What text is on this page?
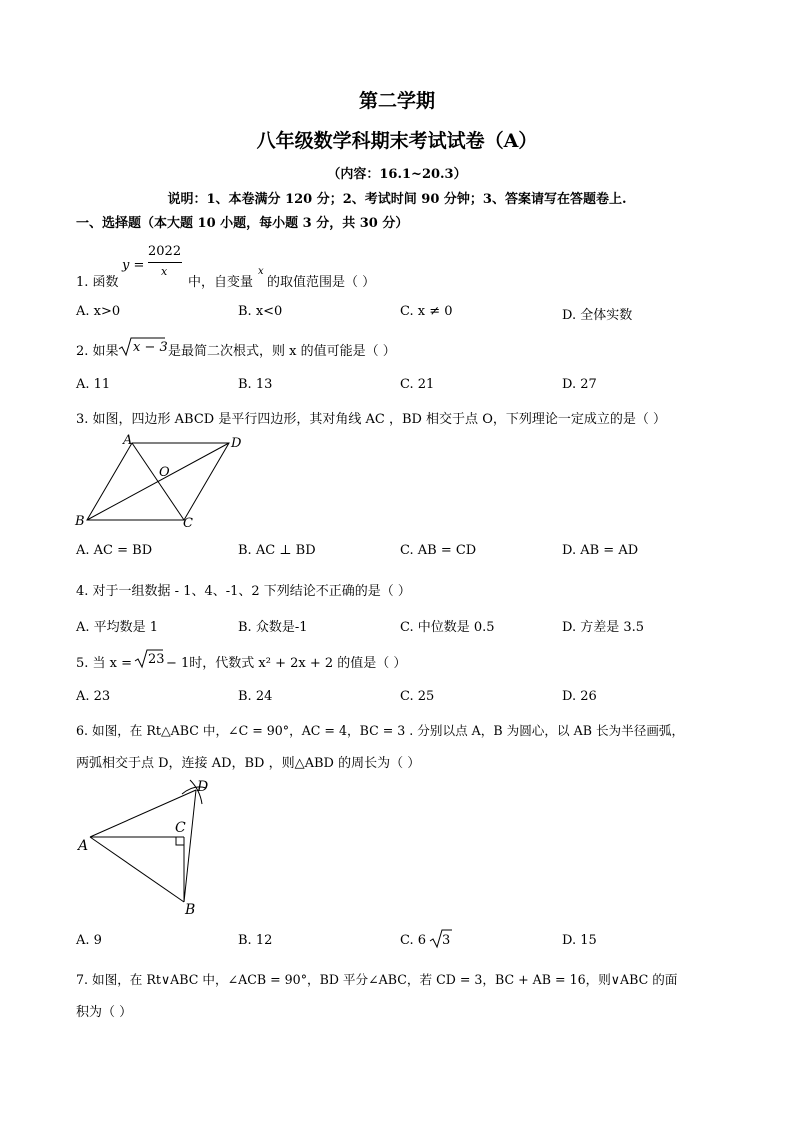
第二学期
八年级数学科期末考试试卷（A）
（内容：16.1~20.3）
说明：1、本卷满分 120 分；2、考试时间 90 分钟；3、答案请写在答题卷上.
一、选择题（本大题 10 小题，每小题 3 分，共 30 分）
1. 函数
y =
2022
x
中，自变量
x
的取值范围是（ ）
A. x>0	B. x<0	C. x ≠ 0	D. 全体实数
2. 如果 x − 3 是最简二次根式，则 x 的值可能是（ ）
A. 11	B. 13	C. 21	D. 27
3. 如图，四边形 ABCD 是平行四边形，其对角线 AC ，BD 相交于点 O，下列理论一定成立的是（ ）
A	D
O
B	C
A. AC = BD	B. AC ⊥ BD	C. AB = CD	D. AB = AD
4. 对于一组数据 - 1、4、-1、2 下列结论不正确的是（ ）
A. 平均数是 1	B. 众数是-1	C. 中位数是 0.5	D. 方差是 3.5
5. 当 x = 23 − 1时，代数式 x² + 2x + 2 的值是（ ）
A. 23	B. 24	C. 25	D. 26
6. 如图，在 Rt△ABC 中，∠C = 90°，AC = 4，BC = 3 . 分别以点 A，B 为圆心，以 AB 长为半径画弧，
两弧相交于点 D，连接 AD，BD ，则△ABD 的周长为（ ）
A
C
B
D
A. 9	B. 12	C. 6 3	D. 15
7. 如图，在 Rt∨ABC 中，∠ACB = 90°，BD 平分∠ABC，若 CD = 3，BC + AB = 16，则∨ABC 的面
积为（ ）
